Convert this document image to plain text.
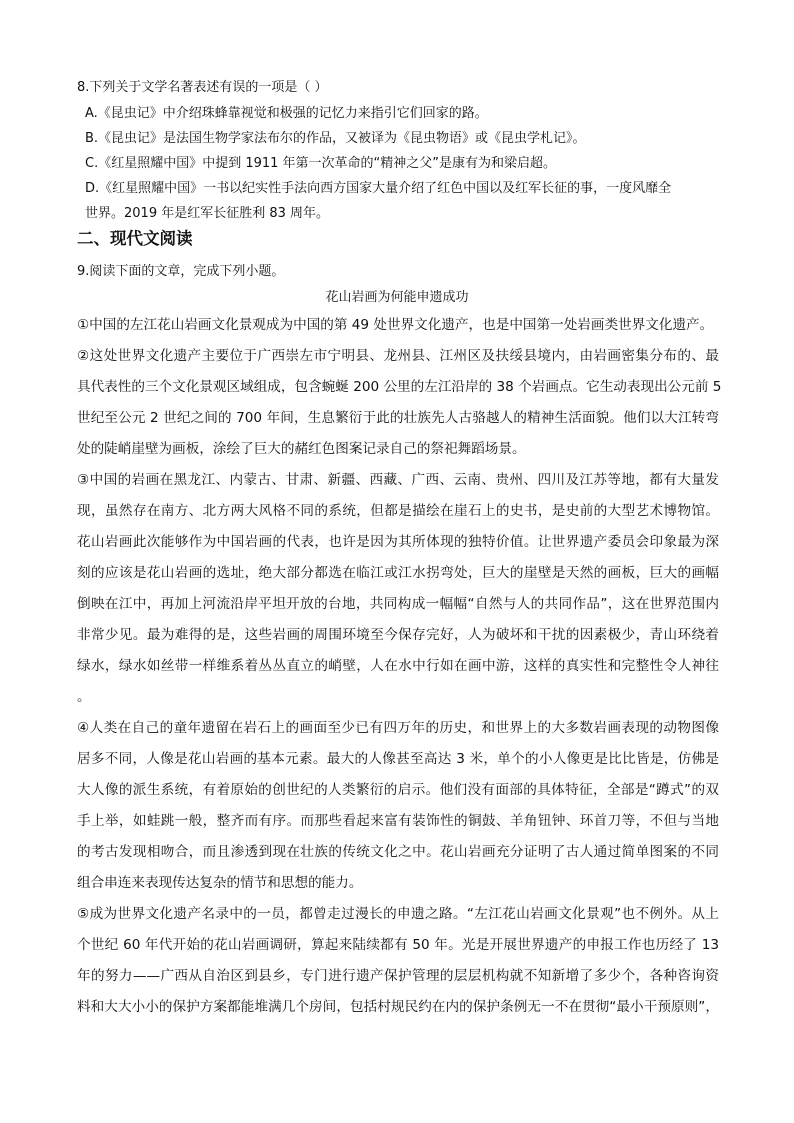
8.下列关于文学名著表述有误的一项是（ ）
A.《昆虫记》中介绍珠蜂靠视觉和极强的记忆力来指引它们回家的路。
B.《昆虫记》是法国生物学家法布尔的作品，又被译为《昆虫物语》或《昆虫学札记》。
C.《红星照耀中国》中提到 1911 年第一次革命的“精神之父”是康有为和梁启超。
D.《红星照耀中国》一书以纪实性手法向西方国家大量介绍了红色中国以及红军长征的事，一度风靡全
世界。2019 年是红军长征胜利 83 周年。
二、现代文阅读
9.阅读下面的文章，完成下列小题。
花山岩画为何能申遗成功
①中国的左江花山岩画文化景观成为中国的第 49 处世界文化遗产，也是中国第一处岩画类世界文化遗产。
②这处世界文化遗产主要位于广西崇左市宁明县、龙州县、江州区及扶绥县境内，由岩画密集分布的、最
具代表性的三个文化景观区域组成，包含蜿蜒 200 公里的左江沿岸的 38 个岩画点。它生动表现出公元前 5
世纪至公元 2 世纪之间的 700 年间，生息繁衍于此的壮族先人古骆越人的精神生活面貌。他们以大江转弯
处的陡峭崖壁为画板，涂绘了巨大的赭红色图案记录自己的祭祀舞蹈场景。
③中国的岩画在黑龙江、内蒙古、甘肃、新疆、西藏、广西、云南、贵州、四川及江苏等地，都有大量发
现，虽然存在南方、北方两大风格不同的系统，但都是描绘在崖石上的史书，是史前的大型艺术博物馆。
花山岩画此次能够作为中国岩画的代表，也许是因为其所体现的独特价值。让世界遗产委员会印象最为深
刻的应该是花山岩画的选址，绝大部分都选在临江或江水拐弯处，巨大的崖壁是天然的画板，巨大的画幅
倒映在江中，再加上河流沿岸平坦开放的台地，共同构成一幅幅“自然与人的共同作品”，这在世界范围内
非常少见。最为难得的是，这些岩画的周围环境至今保存完好，人为破坏和干扰的因素极少，青山环绕着
绿水，绿水如丝带一样维系着丛丛直立的峭壁，人在水中行如在画中游，这样的真实性和完整性令人神往
。
④人类在自己的童年遗留在岩石上的画面至少已有四万年的历史，和世界上的大多数岩画表现的动物图像
居多不同，人像是花山岩画的基本元素。最大的人像甚至高达 3 米，单个的小人像更是比比皆是，仿佛是
大人像的派生系统，有着原始的创世纪的人类繁衍的启示。他们没有面部的具体特征，全部是“蹲式”的双
手上举，如蛙跳一般，整齐而有序。而那些看起来富有装饰性的铜鼓、羊角钮钟、环首刀等，不但与当地
的考古发现相吻合，而且渗透到现在壮族的传统文化之中。花山岩画充分证明了古人通过简单图案的不同
组合串连来表现传达复杂的情节和思想的能力。
⑤成为世界文化遗产名录中的一员，都曾走过漫长的申遗之路。“左江花山岩画文化景观”也不例外。从上
个世纪 60 年代开始的花山岩画调研，算起来陆续都有 50 年。光是开展世界遗产的申报工作也历经了 13
年的努力——广西从自治区到县乡，专门进行遗产保护管理的层层机构就不知新增了多少个，各种咨询资
料和大大小小的保护方案都能堆满几个房间，包括村规民约在内的保护条例无一不在贯彻“最小干预原则”，
